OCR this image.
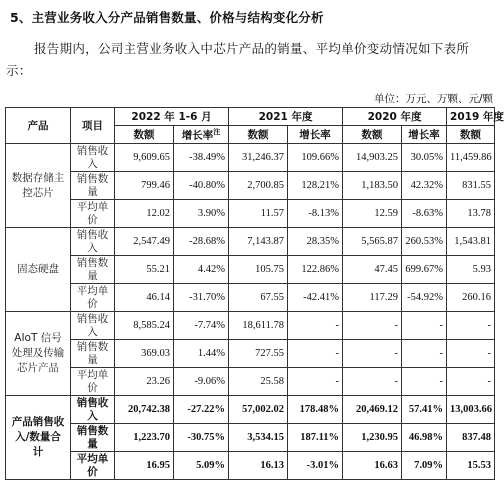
5、主营业务收入分产品销售数量、价格与结构变化分析
报告期内，公司主营业务收入中芯片产品的销量、平均单价变动情况如下表所示：
单位：万元、万颗、元/颗
产品	项目	2022 年 1-6 月		2021 年度		2020 年度		2019 年度
		数额	增长率$^注$	数额	增长率	数额	增长率	数额
数据存储主控芯片	销售收入	9,609.65	-38.49%	31,246.37	109.66%	14,903.25	30.05%	11,459.86
	销售数量	799.46	-40.80%	2,700.85	128.21%	1,183.50	42.32%	831.55
	平均单价	12.02	3.90%	11.57	-8.13%	12.59	-8.63%	13.78
固态硬盘	销售收入	2,547.49	-28.68%	7,143.87	28.35%	5,565.87	260.53%	1,543.81
	销售数量	55.21	4.42%	105.75	122.86%	47.45	699.67%	5.93
	平均单价	46.14	-31.70%	67.55	-42.41%	117.29	-54.92%	260.16
AIoT 信号处理及传输芯片产品	销售收入	8,585.24	-7.74%	18,611.78	-	-	-	-
	销售数量	369.03	1.44%	727.55	-	-	-	-
	平均单价	23.26	-9.06%	25.58	-	-	-	-
产品销售收入/数量合计	销售收入	20,742.38	-27.22%	57,002.02	178.48%	20,469.12	57.41%	13,003.66
	销售数量	1,223.70	-30.75%	3,534.15	187.11%	1,230.95	46.98%	837.48
	平均单价	16.95	5.09%	16.13	-3.01%	16.63	7.09%	15.53
